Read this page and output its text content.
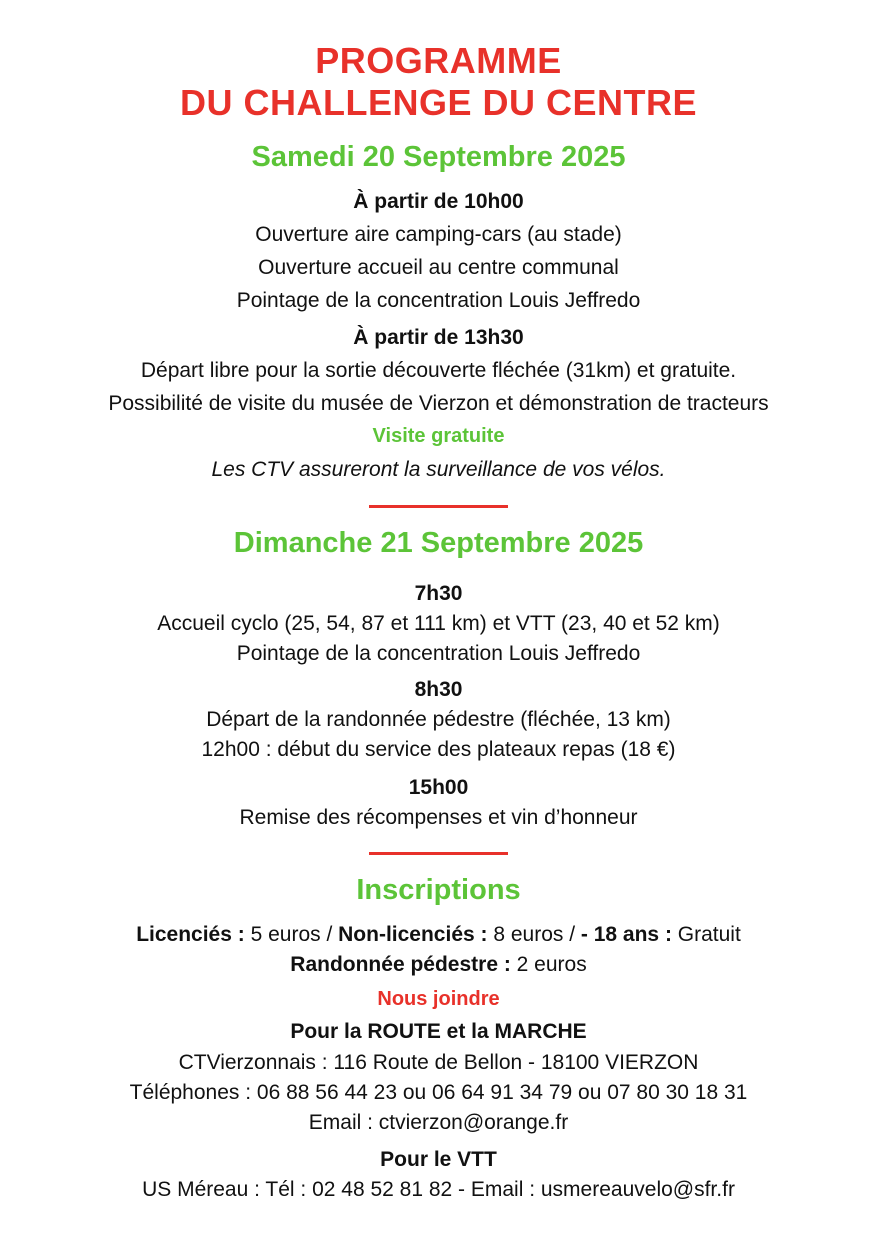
PROGRAMME
DU CHALLENGE DU CENTRE
Samedi 20 Septembre 2025
À partir de 10h00
Ouverture aire camping-cars (au stade)
Ouverture accueil au centre communal
Pointage de la concentration Louis Jeffredo
À partir de 13h30
Départ libre pour la sortie découverte fléchée (31km) et gratuite.
Possibilité de visite du musée de Vierzon et démonstration de tracteurs
Visite gratuite
Les CTV assureront la surveillance de vos vélos.
Dimanche 21 Septembre 2025
7h30
Accueil cyclo (25, 54, 87 et 111 km) et VTT (23, 40 et 52 km)
Pointage de la concentration Louis Jeffredo
8h30
Départ de la randonnée pédestre (fléchée, 13 km)
12h00 : début du service des plateaux repas (18 €)
15h00
Remise des récompenses et vin d’honneur
Inscriptions
Licenciés : 5 euros / Non-licenciés : 8 euros / - 18 ans : Gratuit
Randonnée pédestre : 2 euros
Nous joindre
Pour la ROUTE et la MARCHE
CTVierzonnais : 116 Route de Bellon - 18100 VIERZON
Téléphones : 06 88 56 44 23 ou 06 64 91 34 79 ou 07 80 30 18 31
Email : ctvierzon@orange.fr
Pour le VTT
US Méreau : Tél : 02 48 52 81 82 - Email : usmereauvelo@sfr.fr
